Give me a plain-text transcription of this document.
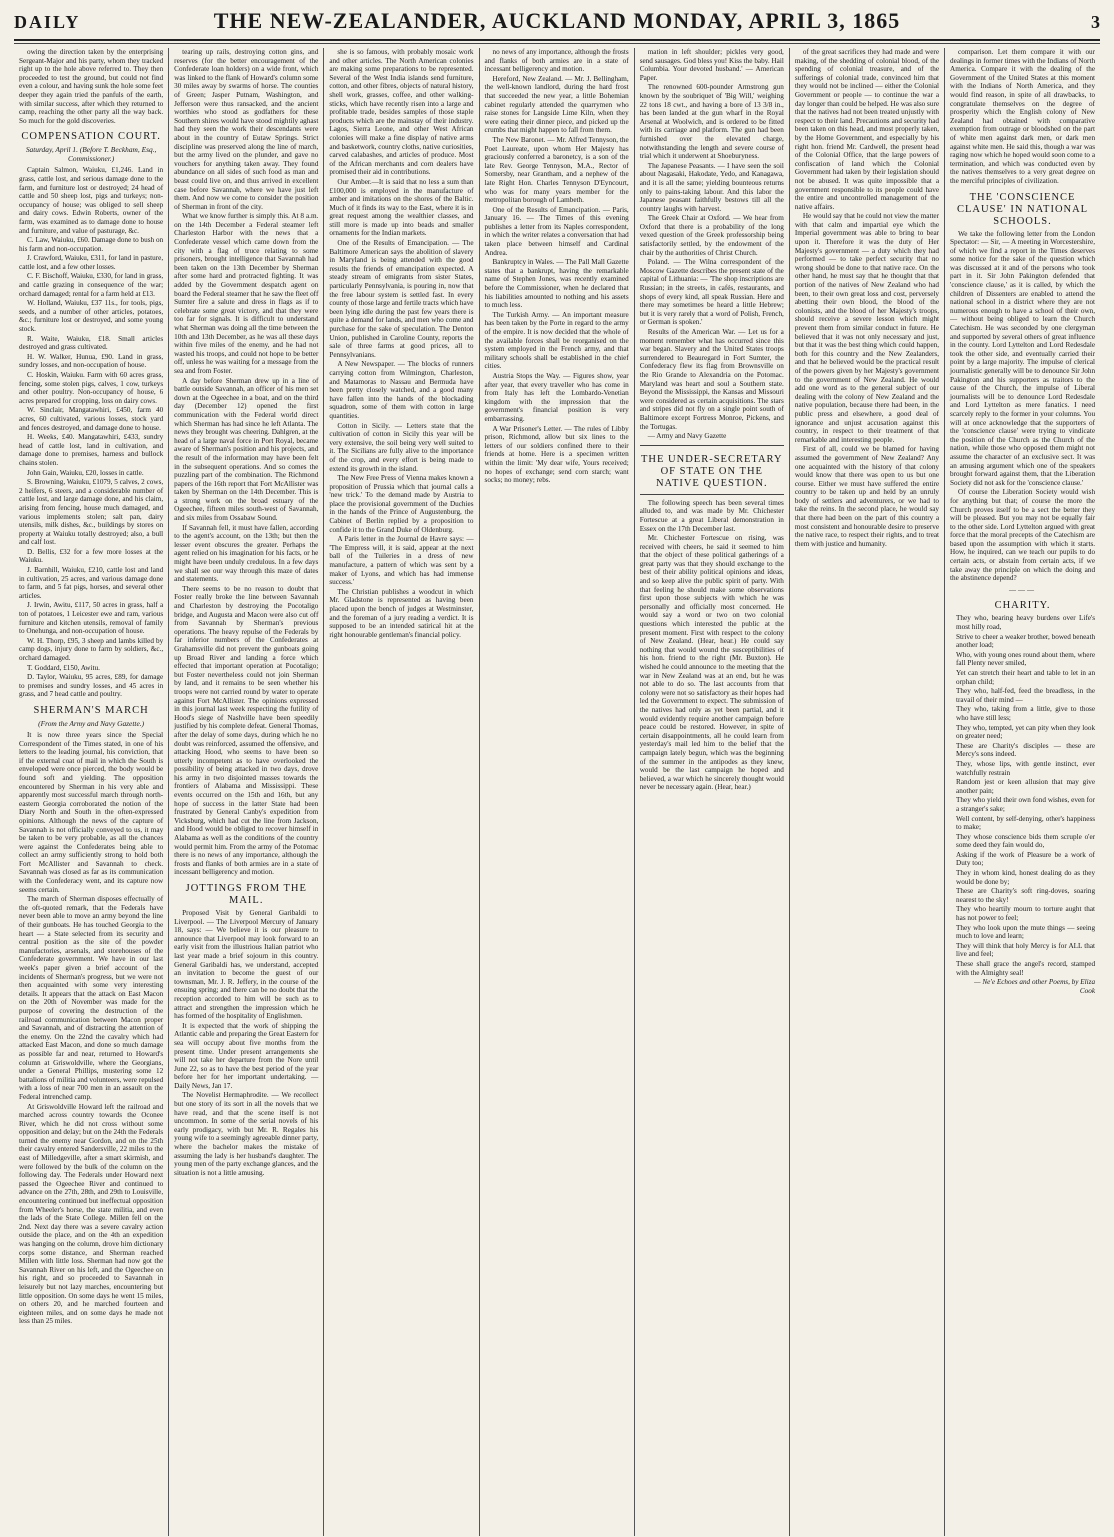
DAILY	THE NEW-ZEALANDER, AUCKLAND MONDAY, APRIL 3, 1865	3

owing the direction taken by the enterprising Sergeant-Major and his party, whom they tracked right up to the hole above referred to. They then proceeded to test the ground, but could not find even a colour, and having sunk the hole some feet deeper they again tried the panfuls of the earth, with similar success, after which they returned to camp, reaching the other party all the way back. So much for the gold discoveries.

COMPENSATION COURT.
Saturday, April 1. (Before T. Beckham, Esq., Commissioner.)

Captain Salmon, Waiuku, £1,246. Land in grass, cattle lost, and serious damage done to the farm, and furniture lost or destroyed; 24 head of cattle and 50 sheep lost, pigs and turkeys; non-occupancy of house; was obliged to sell sheep and dairy cows. Edwin Roberts, owner of the farm, was examined as to damage done to house and furniture, and value of pasturage, &c.

C. Law, Waiuku, £60. Damage done to bush on his farm and non-occupation.

J. Crawford, Waiuku, £311, for land in pasture, cattle lost, and a few other losses.

C. F. Bischoff, Waiuku, £330, for land in grass, and cattle grazing in consequence of the war; orchard damaged; rental for a farm held at £13.

W. Holland, Waiuku, £37 11s., for tools, pigs, seeds, and a number of other articles, potatoes, &c.; furniture lost or destroyed, and some young stock.

R. Waite, Waiuku, £18. Small articles destroyed and grass cultivated.

H. W. Walker, Hunua, £90. Land in grass, sundry losses, and non-occupation of house.

C. Hoskin, Waiuku. Farm with 60 acres grass, fencing, some stolen pigs, calves, 1 cow, turkeys and other poultry. Non-occupancy of house, 6 acres prepared for cropping, loss on dairy cows.

W. Sinclair, Mangatawhiri, £450, farm 40 acres, 60 cultivated, various losses, stock yard and fences destroyed, and damage done to house.

H. Weeks, £40. Mangatawhiri, £433, sundry head of cattle lost, land in cultivation, and damage done to premises, harness and bullock chains stolen.

John Gain, Waiuku, £20, losses in cattle.

S. Browning, Waiuku, £1079, 5 calves, 2 cows, 2 heifers, 6 steers, and a considerable number of cattle lost, and large damage done, and his claim, arising from fencing, house much damaged, and various implements stolen; salt pan, dairy utensils, milk dishes, &c., buildings by stores on property at Waiuku totally destroyed; also, a bull and calf lost.

D. Bellis, £32 for a few more losses at the Waiuku.

J. Barnhill, Waiuku, £210, cattle lost and land in cultivation, 25 acres, and various damage done to farm, and 5 fat pigs, horses, and several other articles.

J. Irwin, Awitu, £117, 50 acres in grass, half a ton of potatoes, 1 Leicester ewe and ram, various furniture and kitchen utensils, removal of family to Onehunga, and non-occupation of house.

W. H. Thorp, £95, 3 sheep and lambs killed by camp dogs, injury done to farm by soldiers, &c., orchard damaged.

T. Goddard, £150, Awitu.

D. Taylor, Waiuku, 95 acres, £89, for damage to premises and sundry losses, and 45 acres in grass, and 7 head cattle and poultry.

SHERMAN'S MARCH
(From the Army and Navy Gazette.)

It is now three years since the Special Correspondent of the Times stated, in one of his letters to the leading journal, his conviction, that if the external coat of mail in which the South is enveloped were once pierced, the body would be found soft and yielding. The opposition encountered by Sherman in his very able and apparently most successful march through north-eastern Georgia corroborated the notion of the Diary North and South in the often-expressed opinions. Although the news of the capture of Savannah is not officially conveyed to us, it may be taken to be very probable, as all the chances were against the Confederates being able to collect an army sufficiently strong to hold both Fort McAllister and Savannah to check. Savannah was closed as far as its communication with the Confederacy went, and its capture now seems certain.

The march of Sherman disposes effectually of the oft-quoted remark, that the Federals have never been able to move an army beyond the line of their gunboats. He has touched Georgia to the heart — a State selected from its security and central position as the site of the powder manufactories, arsenals, and storehouses of the Confederate government. We have in our last week's paper given a brief account of the incidents of Sherman's progress, but we were not then acquainted with some very interesting details. It appears that the attack on East Macon on the 20th of November was made for the purpose of covering the destruction of the railroad communication between Macon proper and Savannah, and of distracting the attention of the enemy. On the 22nd the cavalry which had attacked East Macon, and done so much damage as possible far and near, returned to Howard's column at Griswoldville, where the Georgians, under a General Phillips, mustering some 12 battalions of militia and volunteers, were repulsed with a loss of near 700 men in an assault on the Federal intrenched camp.

At Griswoldville Howard left the railroad and marched across country towards the Oconee River, which he did not cross without some opposition and delay; but on the 24th the Federals turned the enemy near Gordon, and on the 25th their cavalry entered Sandersville, 22 miles to the east of Milledgeville, after a smart skirmish, and were followed by the bulk of the column on the following day. The Federals under Howard next passed the Ogeechee River and continued to advance on the 27th, 28th, and 29th to Louisville, encountering continued but ineffectual opposition from Wheeler's horse, the state militia, and even the lads of the State College. Millen fell on the 2nd. Next day there was a severe cavalry action outside the place, and on the 4th an expedition was hanging on the column, drove him dictionary corps some distance, and Sherman reached Millen with little loss. Sherman had now got the Savannah River on his left, and the Ogeechee on his right, and so proceeded to Savannah in leisurely but not lazy marches, encountering but little opposition. On some days he went 15 miles, on others 20, and he marched fourteen and eighteen miles, and on some days he made not less than 25 miles.

tearing up rails, destroying cotton gins, and reserves (for the better encouragement of the Confederate loan holders) on a wide front, which was linked to the flank of Howard's column some 30 miles away by swarms of horse. The counties of Green; Jasper Putnam, Washington, and Jefferson were thus ransacked, and the ancient worthies who stood as godfathers for these Southern shires would have stood mightily aghast had they seen the work their descendants were about in the country of Eutaw Springs. Strict discipline was preserved along the line of march, but the army lived on the plunder, and gave no vouchers for anything taken away. They found abundance on all sides of such food as man and beast could live on, and thus arrived in excellent case before Savannah, where we have just left them. And now we come to consider the position of Sherman in front of the city.

What we know further is simply this. At 8 a.m. on the 14th December a Federal steamer left Charleston Harbor with the news that a Confederate vessel which came down from the city with a flag of truce relating to some prisoners, brought intelligence that Savannah had been taken on the 13th December by Sherman after some hard and protracted fighting. It was added by the Government despatch agent on board the Federal steamer that he saw the fleet off Sumter fire a salute and dress in flags as if to celebrate some great victory, and that they were too far for signals. It is difficult to understand what Sherman was doing all the time between the 10th and 13th December, as he was all these days within five miles of the enemy, and he had not wasted his troops, and could not hope to be better off, unless he was waiting for a message from the sea and from Foster.

A day before Sherman drew up in a line of battle outside Savannah, an officer of his men set down at the Ogeechee in a boat, and on the third day (December 12) opened the first communication with the Federal world direct which Sherman has had since he left Atlanta. The news they brought was cheering. Dahlgren, at the head of a large naval force in Port Royal, became aware of Sherman's position and his projects, and the result of the information may have been felt in the subsequent operations. And so comes the puzzling part of the combination. The Richmond papers of the 16th report that Fort McAllister was taken by Sherman on the 14th December. This is a strong work on the broad estuary of the Ogeechee, fifteen miles south-west of Savannah, and six miles from Ossabaw Sound.

If Savannah fell, it must have fallen, according to the agent's account, on the 13th; but then the lesser event obscures the greater. Perhaps the agent relied on his imagination for his facts, or he might have been unduly credulous. In a few days we shall see our way through this maze of dates and statements.

There seems to be no reason to doubt that Foster really broke the line between Savannah and Charleston by destroying the Pocotaligo bridge, and Augusta and Macon were also cut off from Savannah by Sherman's previous operations. The heavy repulse of the Federals by far inferior numbers of the Confederates at Grahamsville did not prevent the gunboats going up Broad River and landing a force which effected that important operation at Pocotaligo; but Foster nevertheless could not join Sherman by land, and it remains to be seen whether his troops were not carried round by water to operate against Fort McAllister. The opinions expressed in this journal last week respecting the futility of Hood's siege of Nashville have been speedily justified by his complete defeat. General Thomas, after the delay of some days, during which he no doubt was reinforced, assumed the offensive, and attacking Hood, who seems to have been so utterly incompetent as to have overlooked the possibility of being attacked in two days, drove his army in two disjointed masses towards the frontiers of Alabama and Mississippi. These events occurred on the 15th and 16th, but any hope of success in the latter State had been frustrated by General Canby's expedition from Vicksburg, which had cut the line from Jackson, and Hood would be obliged to recover himself in Alabama as well as the conditions of the country would permit him. From the army of the Potomac there is no news of any importance, although the frosts and flanks of both armies are in a state of incessant belligerency and motion.

JOTTINGS FROM THE MAIL.

Proposed Visit by General Garibaldi to Liverpool. — The Liverpool Mercury of January 18, says: — We believe it is our pleasure to announce that Liverpool may look forward to an early visit from the illustrious Italian patriot who last year made a brief sojourn in this country. General Garibaldi has, we understand, accepted an invitation to become the guest of our townsman, Mr. J. R. Jeffery, in the course of the ensuing spring; and there can be no doubt that the reception accorded to him will be such as to attract and strengthen the impression which he has formed of the hospitality of Englishmen.

It is expected that the work of shipping the Atlantic cable and preparing the Great Eastern for sea will occupy about five months from the present time. Under present arrangements she will not take her departure from the Nore until June 22, so as to have the best period of the year before her for her important undertaking. — Daily News, Jan 17.

The Novelist Hermaphrodite. — We recollect but one story of its sort in all the novels that we have read, and that the scene itself is not uncommon. In some of the serial novels of his early prodigacy, with but Mr. R. Regales his young wife to a seemingly agreeable dinner party, where the bachelor makes the mistake of assuming the lady is her husband's daughter. The young men of the party exchange glances, and the situation is not a little amusing.

she is so famous, with probably mosaic work and other articles. The North American colonies are making some preparations to be represented. Several of the West India islands send furniture, cotton, and other fibres, objects of natural history, shell work, grasses, coffee, and other walking-sticks, which have recently risen into a large and profitable trade, besides samples of those staple products which are the mainstay of their industry. Lagos, Sierra Leone, and other West African colonies will make a fine display of native arms and basketwork, country cloths, native curiosities, carved calabashes, and articles of produce. Most of the African merchants and corn dealers have promised their aid in contributions.

Our Amber.—It is said that no less a sum than £100,000 is employed in the manufacture of amber and imitations on the shores of the Baltic. Much of it finds its way to the East, where it is in great request among the wealthier classes, and still more is made up into beads and smaller ornaments for the Indian markets.

One of the Results of Emancipation. — The Baltimore American says the abolition of slavery in Maryland is being attended with the good results the friends of emancipation expected. A steady stream of emigrants from sister States, particularly Pennsylvania, is pouring in, now that the free labour system is settled fast. In every county of those large and fertile tracts which have been lying idle during the past few years there is quite a demand for lands, and men who come and purchase for the sake of speculation. The Denton Union, published in Caroline County, reports the sale of three farms at good prices, all to Pennsylvanians.

A New Newspaper. — The blocks of runners carrying cotton from Wilmington, Charleston, and Matamoras to Nassau and Bermuda have been pretty closely watched, and a good many have fallen into the hands of the blockading squadron, some of them with cotton in large quantities.

Cotton in Sicily. — Letters state that the cultivation of cotton in Sicily this year will be very extensive, the soil being very well suited to it. The Sicilians are fully alive to the importance of the crop, and every effort is being made to extend its growth in the island.

The New Free Press of Vienna makes known a proposition of Prussia which that journal calls a 'new trick.' To the demand made by Austria to place the provisional government of the Duchies in the hands of the Prince of Augustenburg, the Cabinet of Berlin replied by a proposition to confide it to the Grand Duke of Oldenburg.

A Paris letter in the Journal de Havre says: — 'The Empress will, it is said, appear at the next ball of the Tuileries in a dress of new manufacture, a pattern of which was sent by a maker of Lyons, and which has had immense success.'

The Christian publishes a woodcut in which Mr. Gladstone is represented as having been placed upon the bench of judges at Westminster, and the foreman of a jury reading a verdict. It is supposed to be an intended satirical hit at the right honourable gentleman's financial policy.

no news of any importance, although the frosts and flanks of both armies are in a state of incessant belligerency and motion.

Hereford, New Zealand. — Mr. J. Bellingham, the well-known landlord, during the hard frost that succeeded the new year, a little Bohemian cabinet regularly attended the quarrymen who raise stones for Langside Lime Kiln, when they were eating their dinner piece, and picked up the crumbs that might happen to fall from them.

The New Baronet. — Mr. Alfred Tennyson, the Poet Laureate, upon whom Her Majesty has graciously conferred a baronetcy, is a son of the late Rev. George Tennyson, M.A., Rector of Somersby, near Grantham, and a nephew of the late Right Hon. Charles Tennyson D'Eyncourt, who was for many years member for the metropolitan borough of Lambeth.

One of the Results of Emancipation. — Paris, January 16. — The Times of this evening publishes a letter from its Naples correspondent, in which the writer relates a conversation that had taken place between himself and Cardinal Andrea.

Bankruptcy in Wales. — The Pall Mall Gazette states that a bankrupt, having the remarkable name of Stephen Jones, was recently examined before the Commissioner, when he declared that his liabilities amounted to nothing and his assets to much less.

The Turkish Army. — An important measure has been taken by the Porte in regard to the army of the empire. It is now decided that the whole of the available forces shall be reorganised on the system employed in the French army, and that military schools shall be established in the chief cities.

Austria Stops the Way. — Figures show, year after year, that every traveller who has come in from Italy has left the Lombardo-Venetian kingdom with the impression that the government's financial position is very embarrassing.

A War Prisoner's Letter. — The rules of Libby prison, Richmond, allow but six lines to the letters of our soldiers confined there to their friends at home. Here is a specimen written within the limit: 'My dear wife, Yours received; no hopes of exchange; send corn starch; want socks; no money; rebs.

mation in left shoulder; pickles very good, send sausages. God bless you! Kiss the baby. Hail Columbia. Your devoted husband.' — American Paper.

The renowned 600-pounder Armstrong gun known by the soubriquet of 'Big Will,' weighing 22 tons 18 cwt., and having a bore of 13 3/8 in., has been landed at the gun wharf in the Royal Arsenal at Woolwich, and is ordered to be fitted with its carriage and platform. The gun had been furnished over the elevated charge, notwithstanding the length and severe course of trial which it underwent at Shoeburyness.

The Japanese Peasants. — I have seen the soil about Nagasaki, Hakodate, Yedo, and Kanagawa, and it is all the same; yielding bounteous returns only to pains-taking labour. And this labor the Japanese peasant faithfully bestows till all the country laughs with harvest.

The Greek Chair at Oxford. — We hear from Oxford that there is a probability of the long vexed question of the Greek professorship being satisfactorily settled, by the endowment of the chair by the authorities of Christ Church.

Poland. — The Wilna correspondent of the Moscow Gazette describes the present state of the capital of Lithuania: — 'The shop inscriptions are Russian; in the streets, in cafés, restaurants, and shops of every kind, all speak Russian. Here and there may sometimes be heard a little Hebrew; but it is very rarely that a word of Polish, French, or German is spoken.'

Results of the American War. — Let us for a moment remember what has occurred since this war began. Slavery and the United States troops surrendered to Beauregard in Fort Sumter, the Confederacy flew its flag from Brownsville on the Rio Grande to Alexandria on the Potomac. Maryland was heart and soul a Southern state. Beyond the Mississippi, the Kansas and Missouri were considered as certain acquisitions. The stars and stripes did not fly on a single point south of Baltimore except Fortress Monroe, Pickens, and the Tortugas.

— Army and Navy Gazette

THE UNDER-SECRETARY OF STATE ON THE NATIVE QUESTION.

The following speech has been several times alluded to, and was made by Mr. Chichester Fortescue at a great Liberal demonstration in Essex on the 17th December last.

Mr. Chichester Fortescue on rising, was received with cheers, he said it seemed to him that the object of these political gatherings of a great party was that they should exchange to the best of their ability political opinions and ideas, and so keep alive the public spirit of party. With that feeling he should make some observations first upon those subjects with which he was personally and officially most concerned. He would say a word or two on two colonial questions which interested the public at the present moment. First with respect to the colony of New Zealand. (Hear, hear.) He could say nothing that would wound the susceptibilities of his hon. friend to the right (Mr. Buxton). He wished he could announce to the meeting that the war in New Zealand was at an end, but he was not able to do so. The last accounts from that colony were not so satisfactory as their hopes had led the Government to expect. The submission of the natives had only as yet been partial, and it would evidently require another campaign before peace could be restored. However, in spite of certain disappointments, all he could learn from yesterday's mail led him to the belief that the campaign lately begun, which was the beginning of the summer in the antipodes as they knew, would be the last campaign he hoped and believed, a war which he sincerely thought would never be necessary again. (Hear, hear.)

of the great sacrifices they had made and were making, of the shedding of colonial blood, of the spending of colonial treasure, and of the sufferings of colonial trade, convinced him that they would not be inclined — either the Colonial Government or people — to continue the war a day longer than could be helped. He was also sure that the natives had not been treated unjustly with respect to their land. Precautions and security had been taken on this head, and most properly taken, by the Home Government, and especially by his right hon. friend Mr. Cardwell, the present head of the Colonial Office, that the large powers of confiscation of land which the Colonial Government had taken by their legislation should not be abused. It was quite impossible that a government responsible to its people could have the entire and uncontrolled management of the native affairs.

He would say that he could not view the matter with that calm and impartial eye which the Imperial government was able to bring to bear upon it. Therefore it was the duty of Her Majesty's government — a duty which they had performed — to take perfect security that no wrong should be done to that native race. On the other hand, he must say that he thought that that portion of the natives of New Zealand who had been, to their own great loss and cost, perversely abetting their own blood, the blood of the colonists, and the blood of her Majesty's troops, should receive a severe lesson which might prevent them from similar conduct in future. He believed that it was not only necessary and just, but that it was the best thing which could happen, both for this country and the New Zealanders, and that he believed would be the practical result of the powers given by her Majesty's government to the government of New Zealand. He would add one word as to the general subject of our dealing with the colony of New Zealand and the native population, because there had been, in the public press and elsewhere, a good deal of ignorance and unjust accusation against this country, in respect to their treatment of that remarkable and interesting people.

First of all, could we be blamed for having assumed the government of New Zealand? Any one acquainted with the history of that colony would know that there was open to us but one course. Either we must have suffered the entire country to be taken up and held by an unruly body of settlers and adventurers, or we had to take the reins. In the second place, he would say that there had been on the part of this country a most consistent and honourable desire to preserve the native race, to respect their rights, and to treat them with justice and humanity.

comparison. Let them compare it with our dealings in former times with the Indians of North America. Compare it with the dealing of the Government of the United States at this moment with the Indians of North America, and they would find reason, in spite of all drawbacks, to congratulate themselves on the degree of prosperity which the English colony of New Zealand had obtained with comparative exemption from outrage or bloodshed on the part of white men against dark men, or dark men against white men. He said this, though a war was raging now which he hoped would soon come to a termination, and which was conducted even by the natives themselves to a very great degree on the merciful principles of civilization.

THE 'CONSCIENCE CLAUSE' IN NATIONAL SCHOOLS.

We take the following letter from the London Spectator: — Sir, — A meeting in Worcestershire, of which we find a report in the Times deserves some notice for the sake of the question which was discussed at it and of the persons who took part in it. Sir John Pakington defended that 'conscience clause,' as it is called, by which the children of Dissenters are enabled to attend the national school in a district where they are not numerous enough to have a school of their own, — without being obliged to learn the Church Catechism. He was seconded by one clergyman and supported by several others of great influence in the county. Lord Lyttelton and Lord Redesdale took the other side, and eventually carried their point by a large majority. The impulse of clerical journalistic generally will be to denounce Sir John Pakington and his supporters as traitors to the cause of the Church, the impulse of Liberal journalists will be to denounce Lord Redesdale and Lord Lyttelton as mere fanatics. I need scarcely reply to the former in your columns. You will at once acknowledge that the supporters of the 'conscience clause' were trying to vindicate the position of the Church as the Church of the nation, while those who opposed them might not assume the character of an exclusive sect. It was an amusing argument which one of the speakers brought forward against them, that the Liberation Society did not ask for the 'conscience clause.'

Of course the Liberation Society would wish for anything but that; of course the more the Church proves itself to be a sect the better they will be pleased. But you may not be equally fair to the other side. Lord Lyttelton argued with great force that the moral precepts of the Catechism are based upon the assumption with which it starts. How, he inquired, can we teach our pupils to do certain acts, or abstain from certain acts, if we take away the principle on which the doing and the abstinence depend?

———
CHARITY.

They who, bearing heavy burdens over Life's most hilly road,

Strive to cheer a weaker brother, bowed beneath another load;

Who, with young ones round about them, where fall Plenty never smiled,

Yet can stretch their heart and table to let in an orphan child;

They who, half-fed, feed the breadless, in the travail of their mind —

They who, taking from a little, give to those who have still less;

They who, tempted, yet can pity when they look on greater need;

These are Charity's disciples — these are Mercy's sons indeed.

They, whose lips, with gentle instinct, ever watchfully restrain

Random jest or keen allusion that may give another pain;

They who yield their own fond wishes, even for a stranger's sake;

Well content, by self-denying, other's happiness to make;

They whose conscience bids them scruple o'er some deed they fain would do,

Asking if the work of Pleasure be a work of Duty too;

They in whom kind, honest dealing do as they would be done by;

These are Charity's soft ring-doves, soaring nearest to the sky!

They who heartily mourn to torture aught that has not power to feel;

They who look upon the mute things — seeing much to love and learn;

They will think that holy Mercy is for ALL that live and feel;

These shall grace the angel's record, stamped with the Almighty seal!

— Ne'e Echoes and other Poems, by Eliza Cook
